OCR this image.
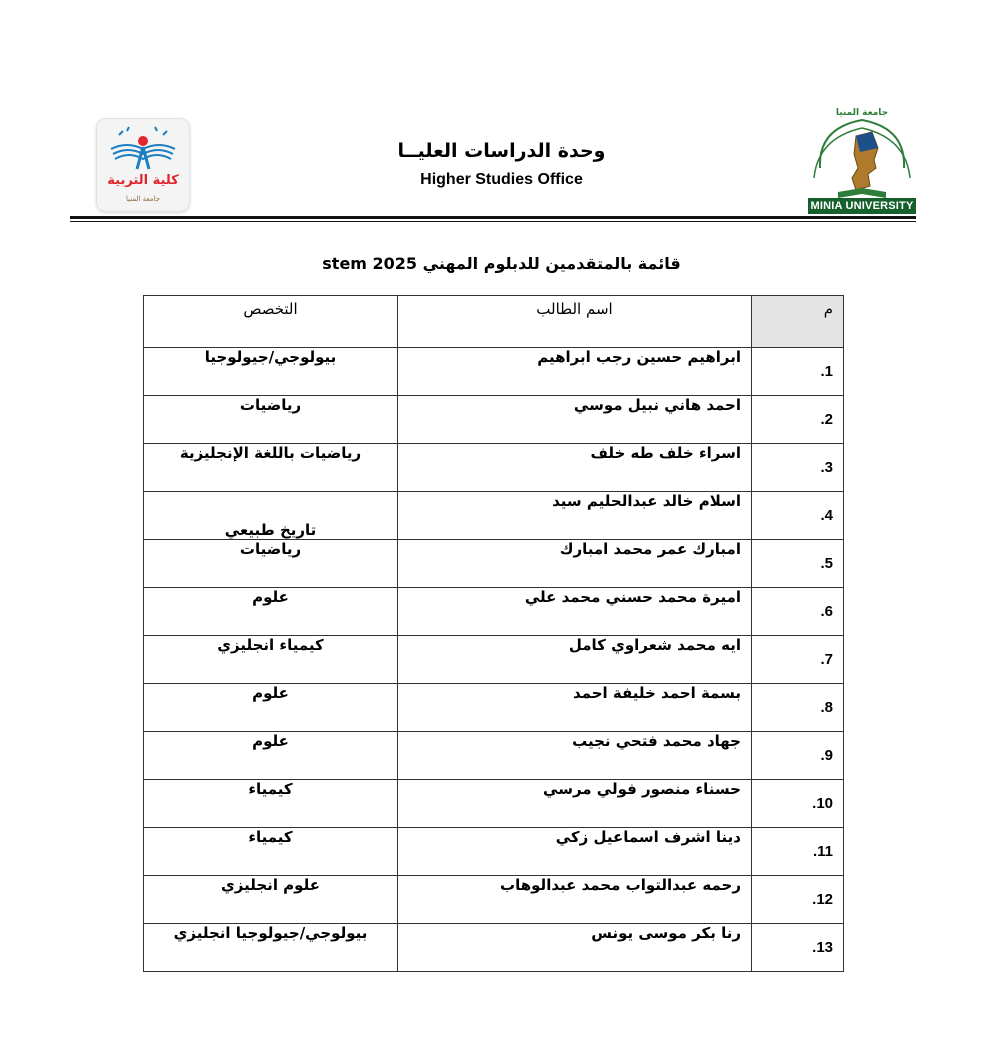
كلية التربية
جامعة المنيا
وحدة الدراسات العليــا
Higher Studies Office
جامعة المنيا
MINIA UNIVERSITY
قائمة بالمتقدمين للدبلوم المهني stem 2025
م	اسم الطالب	التخصص
1.	ابراهيم حسين رجب ابراهيم	بيولوجي/جيولوجيا
2.	احمد هاني نبيل موسي	رياضيات
3.	اسراء خلف طه خلف	رياضيات باللغة الإنجليزية
4.	اسلام خالد عبدالحليم سيد	تاريخ طبيعي
5.	امبارك عمر محمد امبارك	رياضيات
6.	اميرة محمد حسني محمد علي	علوم
7.	ايه محمد شعراوي كامل	كيمياء انجليزي
8.	بسمة احمد خليفة احمد	علوم
9.	جهاد محمد فتحي نجيب	علوم
10.	حسناء منصور فولي مرسي	كيمياء
11.	دينا اشرف اسماعيل زكي	كيمياء
12.	رحمه عبدالتواب محمد عبدالوهاب	علوم انجليزي
13.	رنا بكر موسى يونس	بيولوجي/جيولوجيا انجليزي
